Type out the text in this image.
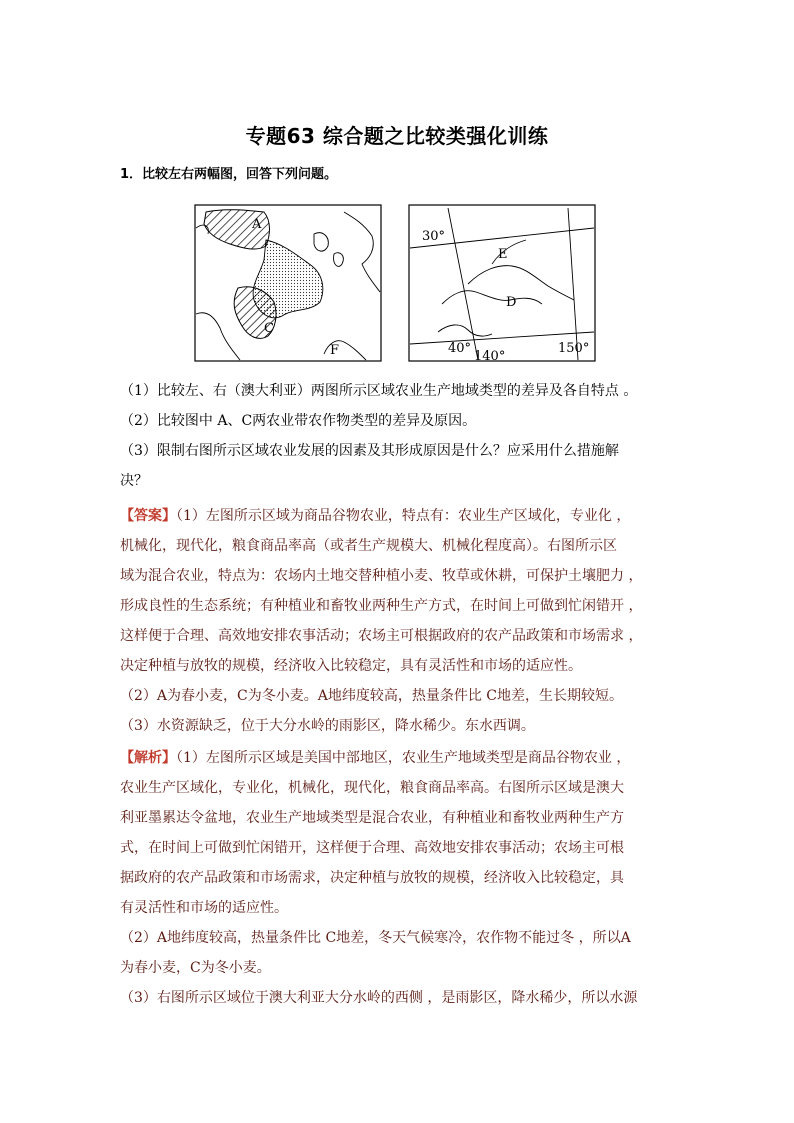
专题63 综合题之比较类强化训练
1．比较左右两幅图，回答下列问题。
A
C
F
30°
E
D
40°
140°
150°
（1）比较左、右（澳大利亚）两图所示区域农业生产地域类型的差异及各自特点 。
（2）比较图中 A、C两农业带农作物类型的差异及原因。
（3）限制右图所示区域农业发展的因素及其形成原因是什么？应采用什么措施解
决？
【答案】（1）左图所示区域为商品谷物农业，特点有：农业生产区域化，专业化 ，
机械化，现代化，粮食商品率高（或者生产规模大、机械化程度高）。右图所示区
域为混合农业，特点为：农场内土地交替种植小麦、牧草或休耕，可保护土壤肥力 ，
形成良性的生态系统；有种植业和畜牧业两种生产方式，在时间上可做到忙闲错开 ，
这样便于合理、高效地安排农事活动；农场主可根据政府的农产品政策和市场需求 ，
决定种植与放牧的规模，经济收入比较稳定，具有灵活性和市场的适应性。
（2）A为春小麦，C为冬小麦。A地纬度较高，热量条件比 C地差，生长期较短。
（3）水资源缺乏，位于大分水岭的雨影区，降水稀少。东水西调。
【解析】（1）左图所示区域是美国中部地区，农业生产地域类型是商品谷物农业 ，
农业生产区域化，专业化，机械化，现代化，粮食商品率高。右图所示区域是澳大
利亚墨累达令盆地，农业生产地域类型是混合农业，有种植业和畜牧业两种生产方
式，在时间上可做到忙闲错开，这样便于合理、高效地安排农事活动；农场主可根
据政府的农产品政策和市场需求，决定种植与放牧的规模，经济收入比较稳定，具
有灵活性和市场的适应性。
（2）A地纬度较高，热量条件比 C地差，冬天气候寒冷，农作物不能过冬 ，所以A
为春小麦，C为冬小麦。
（3）右图所示区域位于澳大利亚大分水岭的西侧 ，是雨影区，降水稀少，所以水源
